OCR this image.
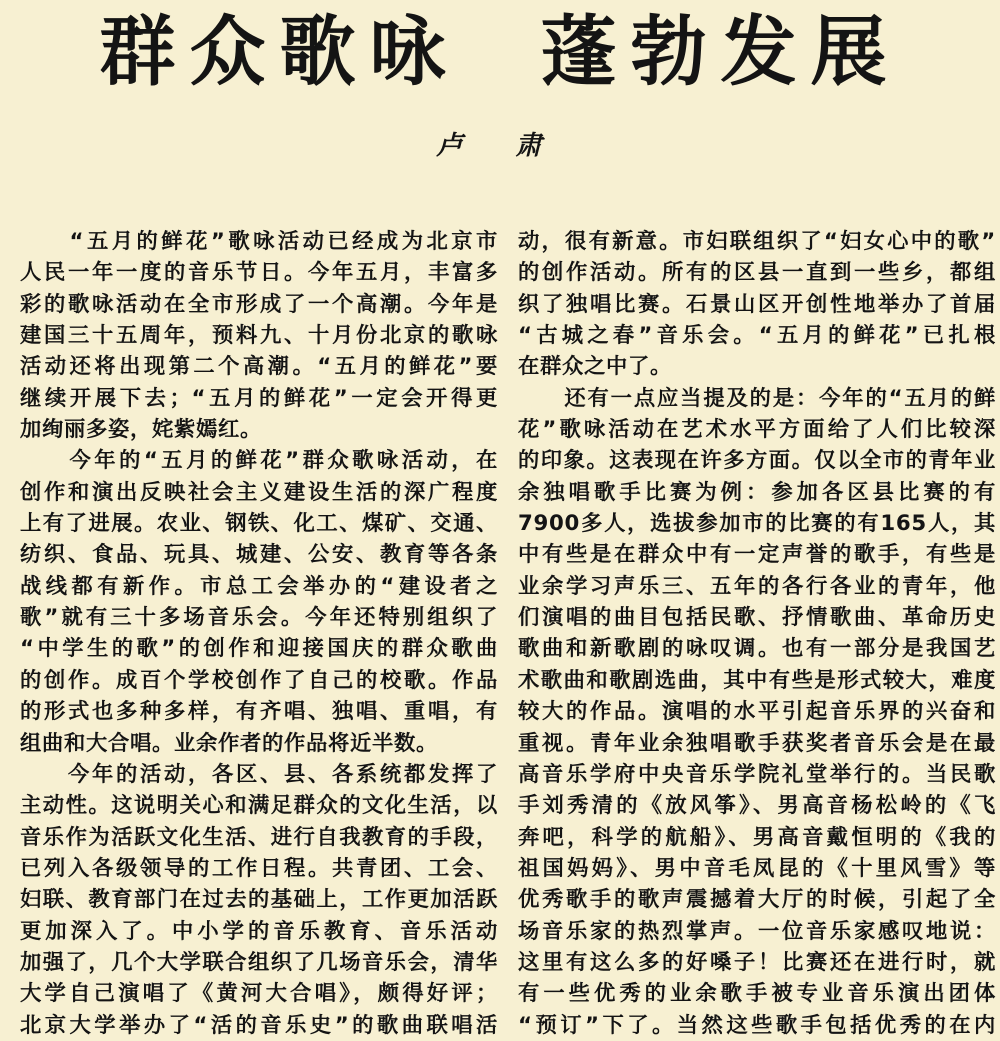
群众歌咏  蓬勃发展
卢 肃
　　“五月的鲜花”歌咏活动已经成为北京市
人民一年一度的音乐节日。今年五月，丰富多
彩的歌咏活动在全市形成了一个高潮。今年是
建国三十五周年，预料九、十月份北京的歌咏
活动还将出现第二个高潮。“五月的鲜花”要
继续开展下去；“五月的鲜花”一定会开得更
加绚丽多姿，姹紫嫣红。
　　今年的“五月的鲜花”群众歌咏活动，在
创作和演出反映社会主义建设生活的深广程度
上有了进展。农业、钢铁、化工、煤矿、交通、
纺织、食品、玩具、城建、公安、教育等各条
战线都有新作。市总工会举办的“建设者之
歌”就有三十多场音乐会。今年还特别组织了
“中学生的歌”的创作和迎接国庆的群众歌曲
的创作。成百个学校创作了自己的校歌。作品
的形式也多种多样，有齐唱、独唱、重唱，有
组曲和大合唱。业余作者的作品将近半数。
　　今年的活动，各区、县、各系统都发挥了
主动性。这说明关心和满足群众的文化生活，以
音乐作为活跃文化生活、进行自我教育的手段，
已列入各级领导的工作日程。共青团、工会、
妇联、教育部门在过去的基础上，工作更加活跃
更加深入了。中小学的音乐教育、音乐活动
加强了，几个大学联合组织了几场音乐会，清华
大学自己演唱了《黄河大合唱》，颇得好评；
北京大学举办了“活的音乐史”的歌曲联唱活
动，很有新意。市妇联组织了“妇女心中的歌”
的创作活动。所有的区县一直到一些乡，都组
织了独唱比赛。石景山区开创性地举办了首届
“古城之春”音乐会。“五月的鲜花”已扎根
在群众之中了。
　　还有一点应当提及的是：今年的“五月的鲜
花”歌咏活动在艺术水平方面给了人们比较深
的印象。这表现在许多方面。仅以全市的青年业
余独唱歌手比赛为例：参加各区县比赛的有
7900多人，选拔参加市的比赛的有165人，其
中有些是在群众中有一定声誉的歌手，有些是
业余学习声乐三、五年的各行各业的青年，他
们演唱的曲目包括民歌、抒情歌曲、革命历史
歌曲和新歌剧的咏叹调。也有一部分是我国艺
术歌曲和歌剧选曲，其中有些是形式较大，难度
较大的作品。演唱的水平引起音乐界的兴奋和
重视。青年业余独唱歌手获奖者音乐会是在最
高音乐学府中央音乐学院礼堂举行的。当民歌
手刘秀清的《放风筝》、男高音杨松岭的《飞
奔吧，科学的航船》、男高音戴恒明的《我的
祖国妈妈》、男中音毛凤昆的《十里风雪》等
优秀歌手的歌声震撼着大厅的时候，引起了全
场音乐家的热烈掌声。一位音乐家感叹地说：
这里有这么多的好嗓子！比赛还在进行时，就
有一些优秀的业余歌手被专业音乐演出团体
“预订”下了。当然这些歌手包括优秀的在内
